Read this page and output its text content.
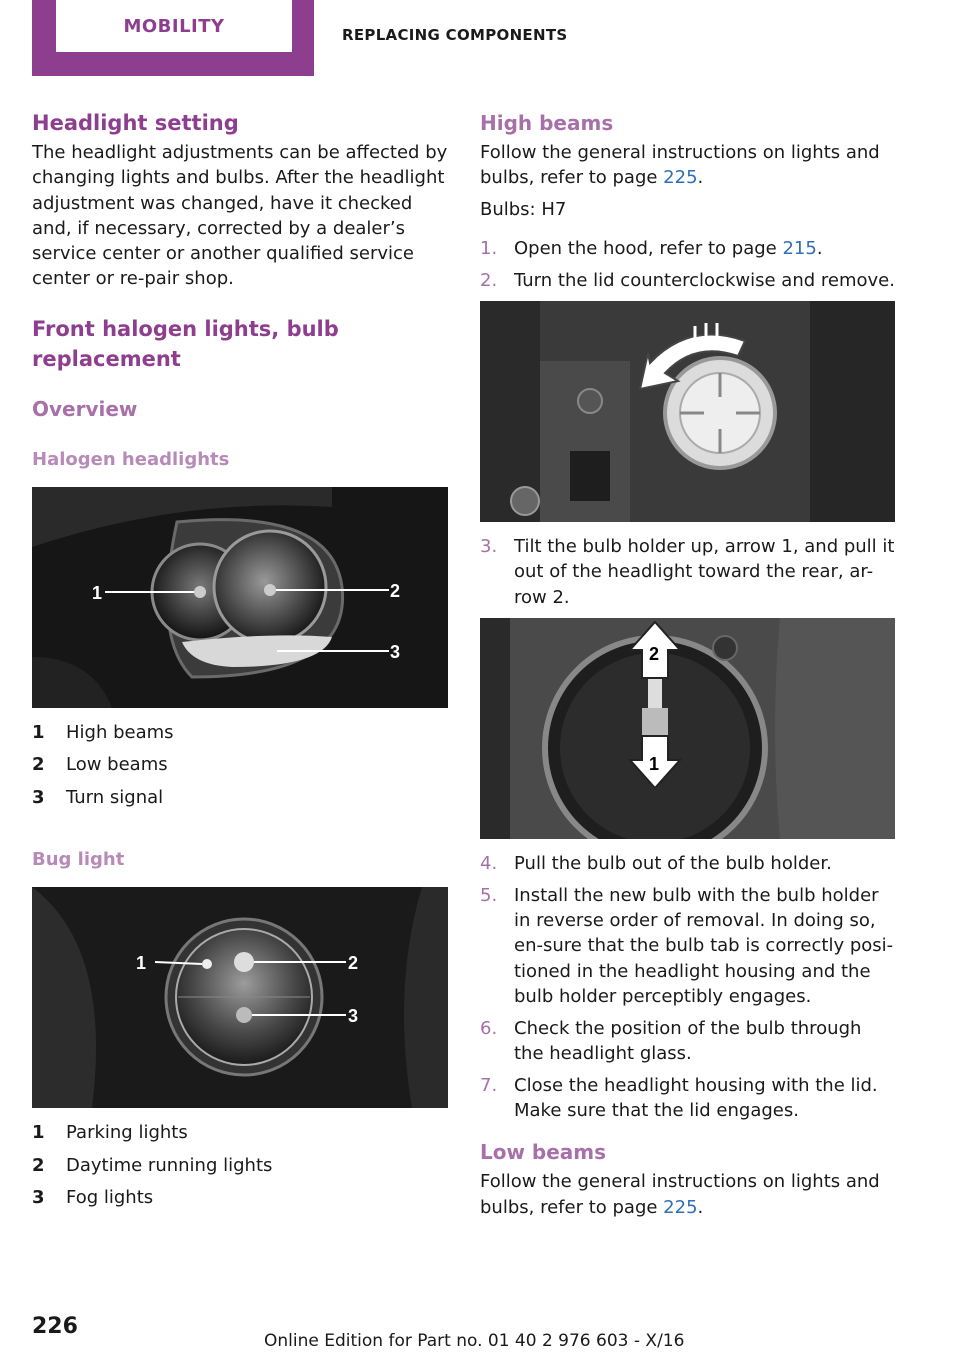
MOBILITY	REPLACING COMPONENTS
Headlight setting

The headlight adjustments can be affected by changing lights and bulbs. After the headlight adjustment was changed, have it checked and, if necessary, corrected by a dealer’s service center or another qualified service center or re-pair shop.

Front halogen lights, bulb replacement
Overview
Halogen headlights
1	2
3
1	High beams
2	Low beams
3	Turn signal
Bug light
1	2
3
1	Parking lights
2	Daytime running lights
3	Fog lights
High beams

Follow the general instructions on lights and bulbs, refer to page 225.

Bulbs: H7

1. Open the hood, refer to page 215.
2. Turn the lid counterclockwise and remove.
3. Tilt the bulb holder up, arrow 1, and pull it out of the headlight toward the rear, ar-row 2.
2
1
4. Pull the bulb out of the bulb holder.
5. Install the new bulb with the bulb holder in reverse order of removal. In doing so, en-sure that the bulb tab is correctly posi-tioned in the headlight housing and the bulb holder perceptibly engages.
6. Check the position of the bulb through the headlight glass.
7. Close the headlight housing with the lid. Make sure that the lid engages.
Low beams

Follow the general instructions on lights and bulbs, refer to page 225.

226
Online Edition for Part no. 01 40 2 976 603 - X/16
